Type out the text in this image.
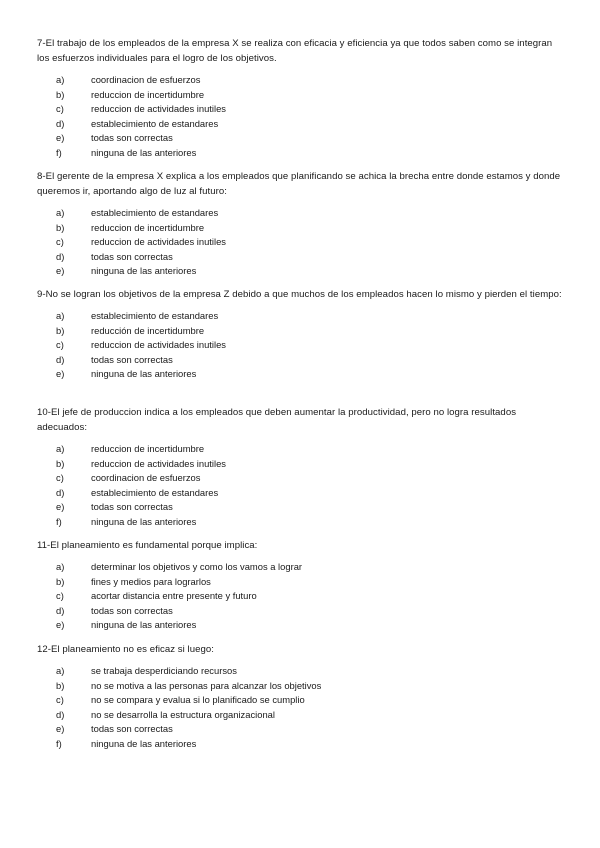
7-El trabajo de los empleados de la empresa X se realiza con eficacia y eficiencia ya que todos saben como se integran los esfuerzos individuales para el logro de los objetivos.

a)	coordinacion de esfuerzos
b)	reduccion de incertidumbre
c)	reduccion de actividades inutiles
d)	establecimiento de estandares
e)	todas son correctas
f)	ninguna de las anteriores

8-El gerente de la empresa X explica a los empleados que planificando se achica la brecha entre donde estamos y donde queremos ir, aportando algo de luz al futuro:

a)	establecimiento de estandares
b)	reduccion de incertidumbre
c)	reduccion de actividades inutiles
d)	todas son correctas
e)	ninguna de las anteriores

9-No se logran los objetivos de la empresa Z debido a que muchos de los empleados hacen lo mismo y pierden el tiempo:

a)	establecimiento de estandares
b)	reducción de incertidumbre
c)	reduccion de actividades inutiles
d)	todas son correctas
e)	ninguna de las anteriores

10-El jefe de produccion indica a los empleados que deben aumentar la productividad, pero no logra resultados adecuados:

a)	reduccion de incertidumbre
b)	reduccion de actividades inutiles
c)	coordinacion de esfuerzos
d)	establecimiento de estandares
e)	todas son correctas
f)	ninguna de las anteriores

11-El planeamiento es fundamental porque implica:

a)	determinar los objetivos y como los vamos a lograr
b)	fines y medios para lograrlos
c)	acortar distancia entre presente y futuro
d)	todas son correctas
e)	ninguna de las anteriores

12-El planeamiento no es eficaz si luego:

a)	se trabaja desperdiciando recursos
b)	no se motiva a las personas para alcanzar los objetivos
c)	no se compara y evalua si lo planificado se cumplio
d)	no se desarrolla la estructura organizacional
e)	todas son correctas
f)	ninguna de las anteriores
